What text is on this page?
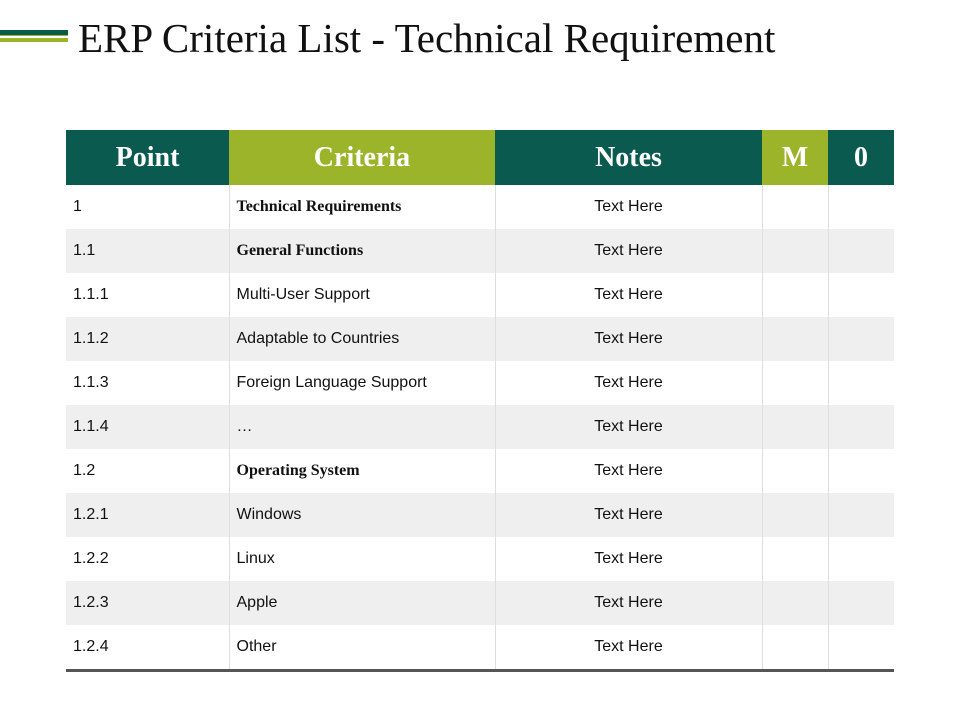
ERP Criteria List - Technical Requirement
Point	Criteria	Notes	M	0
1	Technical Requirements	Text Here		
1.1	General Functions	Text Here		
1.1.1	Multi-User Support	Text Here		
1.1.2	Adaptable to Countries	Text Here		
1.1.3	Foreign Language Support	Text Here		
1.1.4	…	Text Here		
1.2	Operating System	Text Here		
1.2.1	Windows	Text Here		
1.2.2	Linux	Text Here		
1.2.3	Apple	Text Here		
1.2.4	Other	Text Here		
